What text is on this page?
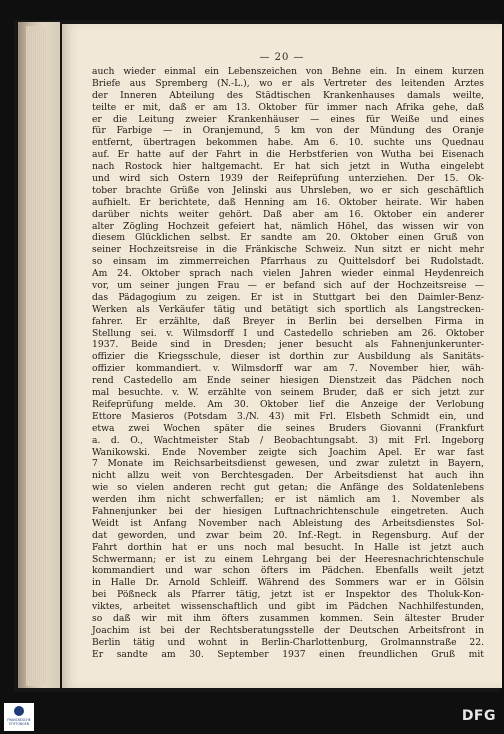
— 20 —
auch wieder einmal ein Lebenszeichen von Behne ein. In einem kurzen
Briefe aus Spremberg (N.-L.), wo er als Vertreter des leitenden Arztes
der Inneren Abteilung des Städtischen Krankenhauses damals weilte,
teilte er mit, daß er am 13. Oktober für immer nach Afrika gehe, daß
er die Leitung zweier Krankenhäuser — eines für Weiße und eines
für Farbige — in Oranjemund, 5 km von der Mündung des Oranje
entfernt, übertragen bekommen habe. Am 6. 10. suchte uns Quednau
auf. Er hatte auf der Fahrt in die Herbstferien von Wutha bei Eisenach
nach Rostock hier haltgemacht. Er hat sich jetzt in Wutha eingelebt
und wird sich Ostern 1939 der Reifeprüfung unterziehen. Der 15. Ok-
tober brachte Grüße von Jelinski aus Uhrsleben, wo er sich geschäftlich
aufhielt. Er berichtete, daß Henning am 16. Oktober heirate. Wir haben
darüber nichts weiter gehört. Daß aber am 16. Oktober ein anderer
alter Zögling Hochzeit gefeiert hat, nämlich Höhel, das wissen wir von
diesem Glücklichen selbst. Er sandte am 20. Oktober einen Gruß von
seiner Hochzeitsreise in die Fränkische Schweiz. Nun sitzt er nicht mehr
so einsam im zimmerreichen Pfarrhaus zu Quittelsdorf bei Rudolstadt.
Am 24. Oktober sprach nach vielen Jahren wieder einmal Heydenreich
vor, um seiner jungen Frau — er befand sich auf der Hochzeitsreise —
das Pädagogium zu zeigen. Er ist in Stuttgart bei den Daimler-Benz-
Werken als Verkäufer tätig und betätigt sich sportlich als Langstrecken-
fahrer. Er erzählte, daß Breyer in Berlin bei derselben Firma in
Stellung sei. v. Wilmsdorff I und Castedello schrieben am 26. Oktober
1937. Beide sind in Dresden; jener besucht als Fahnenjunkerunter-
offizier die Kriegsschule, dieser ist dorthin zur Ausbildung als Sanitäts-
offizier kommandiert. v. Wilmsdorff war am 7. November hier, wäh-
rend Castedello am Ende seiner hiesigen Dienstzeit das Pädchen noch
mal besuchte. v. W. erzählte von seinem Bruder, daß er sich jetzt zur
Reifeprüfung melde. Am 30. Oktober lief die Anzeige der Verlobung
Ettore Masieros (Potsdam 3./N. 43) mit Frl. Elsbeth Schmidt ein, und
etwa zwei Wochen später die seines Bruders Giovanni (Frankfurt
a. d. O., Wachtmeister Stab / Beobachtungsabt. 3) mit Frl. Ingeborg
Wanikowski. Ende November zeigte sich Joachim Apel. Er war fast
7 Monate im Reichsarbeitsdienst gewesen, und zwar zuletzt in Bayern,
nicht allzu weit von Berchtesgaden. Der Arbeitsdienst hat auch ihn
wie so vielen anderen recht gut getan; die Anfänge des Soldatenlebens
werden ihm nicht schwerfallen; er ist nämlich am 1. November als
Fahnenjunker bei der hiesigen Luftnachrichtenschule eingetreten. Auch
Weidt ist Anfang November nach Ableistung des Arbeitsdienstes Sol-
dat geworden, und zwar beim 20. Inf.-Regt. in Regensburg. Auf der
Fahrt dorthin hat er uns noch mal besucht. In Halle ist jetzt auch
Schwermann; er ist zu einem Lehrgang bei der Heeresnachrichtenschule
kommandiert und war schon öfters im Pädchen. Ebenfalls weilt jetzt
in Halle Dr. Arnold Schleiff. Während des Sommers war er in Gölsin
bei Pößneck als Pfarrer tätig, jetzt ist er Inspektor des Tholuk-Kon-
viktes, arbeitet wissenschaftlich und gibt im Pädchen Nachhilfestunden,
so daß wir mit ihm öfters zusammen kommen. Sein ältester Bruder
Joachim ist bei der Rechtsberatungsstelle der Deutschen Arbeitsfront in
Berlin tätig und wohnt in Berlin-Charlottenburg, Grolmannstraße 22.
Er sandte am 30. September 1937 einen freundlichen Gruß mit
FRANCKESCHE
STIFTUNGEN	DFG
